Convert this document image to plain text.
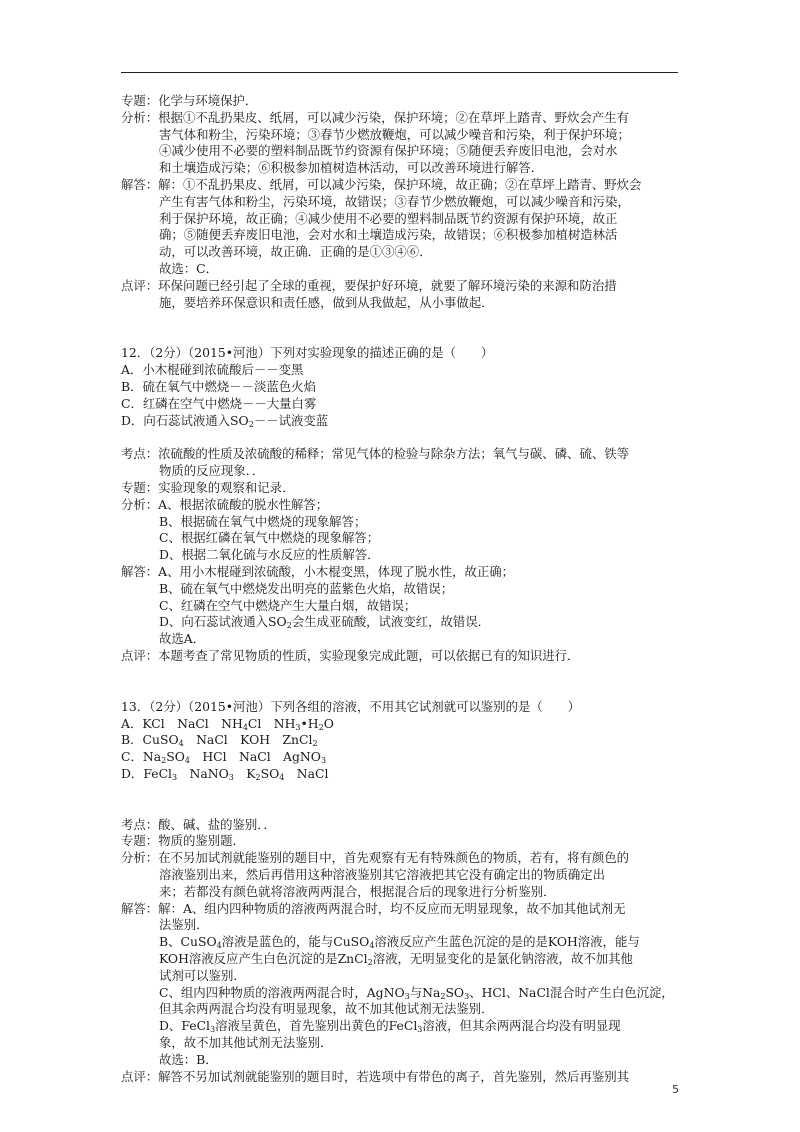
专题：化学与环境保护．
分析：根据①不乱扔果皮、纸屑，可以减少污染，保护环境；②在草坪上踏青、野炊会产生有
害气体和粉尘，污染环境；③春节少燃放鞭炮，可以减少噪音和污染，利于保护环境；
④减少使用不必要的塑料制品既节约资源有保护环境；⑤随便丢弃废旧电池，会对水
和土壤造成污染；⑥积极参加植树造林活动，可以改善环境进行解答．
解答：解：①不乱扔果皮、纸屑，可以减少污染，保护环境，故正确；②在草坪上踏青、野炊会
产生有害气体和粉尘，污染环境，故错误；③春节少燃放鞭炮，可以减少噪音和污染，
利于保护环境，故正确；④减少使用不必要的塑料制品既节约资源有保护环境，故正
确；⑤随便丢弃废旧电池，会对水和土壤造成污染，故错误；⑥积极参加植树造林活
动，可以改善环境，故正确．正确的是①③④⑥．
故选：C．
点评：环保问题已经引起了全球的重视，要保护好环境，就要了解环境污染的来源和防治措
施，要培养环保意识和责任感，做到从我做起，从小事做起．
12．（2分）（2015•河池）下列对实验现象的描述正确的是（　　）
A．小木棍碰到浓硫酸后－－变黑
B．硫在氧气中燃烧－－淡蓝色火焰
C．红磷在空气中燃烧－－大量白雾
D．向石蕊试液通入$SO_2--$试液变蓝
考点：浓硫酸的性质及浓硫酸的稀释；常见气体的检验与除杂方法；氧气与碳、磷、硫、铁等
物质的反应现象．．
专题：实验现象的观察和记录．
分析：A、根据浓硫酸的脱水性解答；
B、根据硫在氧气中燃烧的现象解答；
C、根据红磷在氧气中燃烧的现象解答；
D、根据二氧化硫与水反应的性质解答．
解答：A、用小木棍碰到浓硫酸，小木棍变黑，体现了脱水性，故正确；
B、硫在氧气中燃烧发出明亮的蓝紫色火焰，故错误；
C、红磷在空气中燃烧产生大量白烟，故错误；
D、向石蕊试液通入$SO_2$会生成亚硫酸，试液变红，故错误．
故选A．
点评：本题考查了常见物质的性质，实验现象完成此题，可以依据已有的知识进行．
13．（2分）（2015•河池）下列各组的溶液，不用其它试剂就可以鉴别的是（　　）
A．KCl　NaCl　$NH_4Cl$　$NH_3•H_2O$
B．CuSO$_4$　NaCl　KOH　ZnCl$_2$
C．$Na_2SO_4$　HCl　NaCl　AgNO$_3$
D．FeCl$_3$　NaNO$_3$　$K_2SO_4$　NaCl
考点：酸、碱、盐的鉴别．．
专题：物质的鉴别题．
分析：在不另加试剂就能鉴别的题目中，首先观察有无有特殊颜色的物质，若有，将有颜色的
溶液鉴别出来，然后再借用这种溶液鉴别其它溶液把其它没有确定出的物质确定出
来；若都没有颜色就将溶液两两混合，根据混合后的现象进行分析鉴别．
解答：解：A、组内四种物质的溶液两两混合时，均不反应而无明显现象，故不加其他试剂无
法鉴别．
B、CuSO$_4$溶液是蓝色的，能与CuSO$_4$溶液反应产生蓝色沉淀的是的是KOH溶液，能与
KOH溶液反应产生白色沉淀的是ZnCl$_2$溶液，无明显变化的是氯化钠溶液，故不加其他
试剂可以鉴别．
C、组内四种物质的溶液两两混合时，AgNO$_3$与$Na_2SO_3$、HCl、NaCl混合时产生白色沉淀，
但其余两两混合均没有明显现象，故不加其他试剂无法鉴别．
D、FeCl$_3$溶液呈黄色，首先鉴别出黄色的FeCl$_3$溶液，但其余两两混合均没有明显现
象，故不加其他试剂无法鉴别．
故选：B．
点评：解答不另加试剂就能鉴别的题目时，若选项中有带色的离子，首先鉴别，然后再鉴别其
5
